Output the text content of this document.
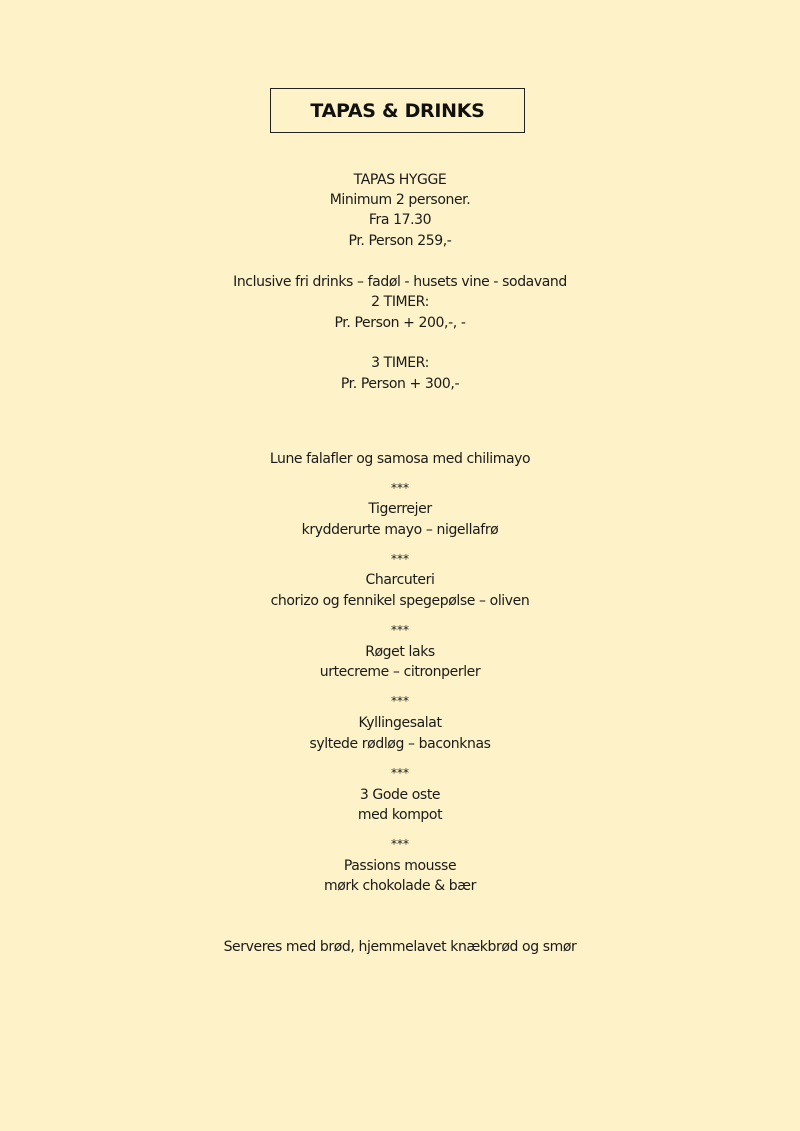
TAPAS & DRINKS
TAPAS HYGGE
Minimum 2 personer.
Fra 17.30
Pr. Person 259,-
Inclusive fri drinks – fadøl - husets vine - sodavand
2 TIMER:
Pr. Person + 200,-, -
3 TIMER:
Pr. Person + 300,-
Lune falafler og samosa med chilimayo
***
Tigerrejer
krydderurte mayo – nigellafrø
***
Charcuteri
chorizo og fennikel spegepølse – oliven
***
Røget laks
urtecreme – citronperler
***
Kyllingesalat
syltede rødløg – baconknas
***
3 Gode oste
med kompot
***
Passions mousse
mørk chokolade & bær
Serveres med brød, hjemmelavet knækbrød og smør
